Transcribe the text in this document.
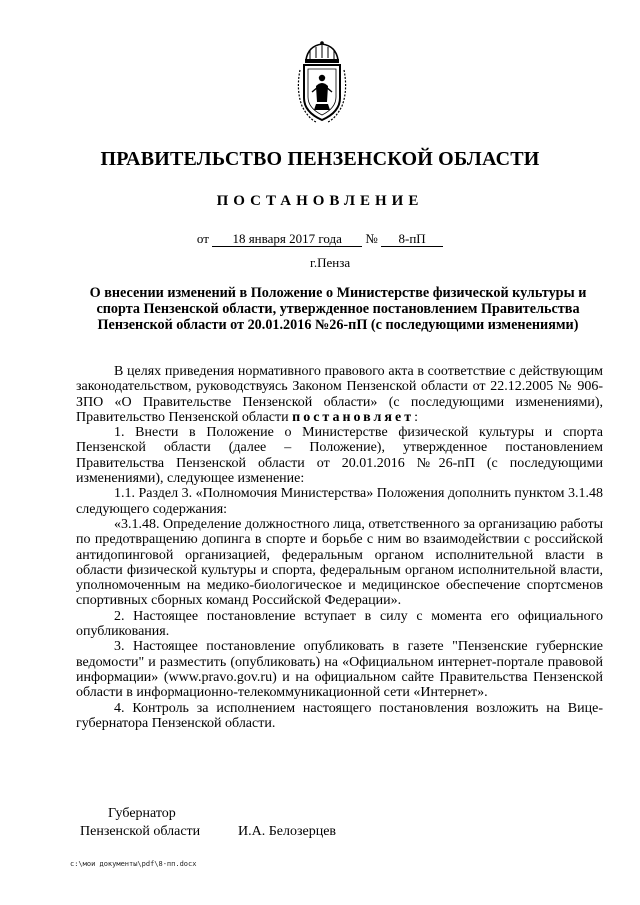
ПРАВИТЕЛЬСТВО ПЕНЗЕНСКОЙ ОБЛАСТИ
ПОСТАНОВЛЕНИЕ
от 18 января 2017 года № 8-пП
г.Пенза
О внесении изменений в Положение о Министерстве физической культуры и спорта Пензенской области, утвержденное постановлением Правительства Пензенской области от 20.01.2016 №26-пП (с последующими изменениями)

В целях приведения нормативного правового акта в соответствие с действующим законодательством, руководствуясь Законом Пензенской области от 22.12.2005 № 906-ЗПО «О Правительстве Пензенской области» (с последующими изменениями), Правительство Пензенской области постановляет:

1. Внести в Положение о Министерстве физической культуры и спорта Пензенской области (далее – Положение), утвержденное постановлением Правительства Пензенской области от 20.01.2016 №26-пП (с последующими изменениями), следующее изменение:

1.1. Раздел 3. «Полномочия Министерства» Положения дополнить пунктом 3.1.48 следующего содержания:

«3.1.48. Определение должностного лица, ответственного за организацию работы по предотвращению допинга в спорте и борьбе с ним во взаимодействии с российской антидопинговой организацией, федеральным органом исполнительной власти в области физической культуры и спорта, федеральным органом исполнительной власти, уполномоченным на медико-биологическое и медицинское обеспечение спортсменов спортивных сборных команд Российской Федерации».

2. Настоящее постановление вступает в силу с момента его официального опубликования.

3. Настоящее постановление опубликовать в газете "Пензенские губернские ведомости" и разместить (опубликовать) на «Официальном интернет-портале правовой информации» (www.pravo.gov.ru) и на официальном сайте Правительства Пензенской области в информационно-телекоммуникационной сети «Интернет».

4. Контроль за исполнением настоящего постановления возложить на Вице-губернатора Пензенской области.

Губернатор
Пензенской области	И.А. Белозерцев
c:\мои документы\pdf\8-пп.docx
